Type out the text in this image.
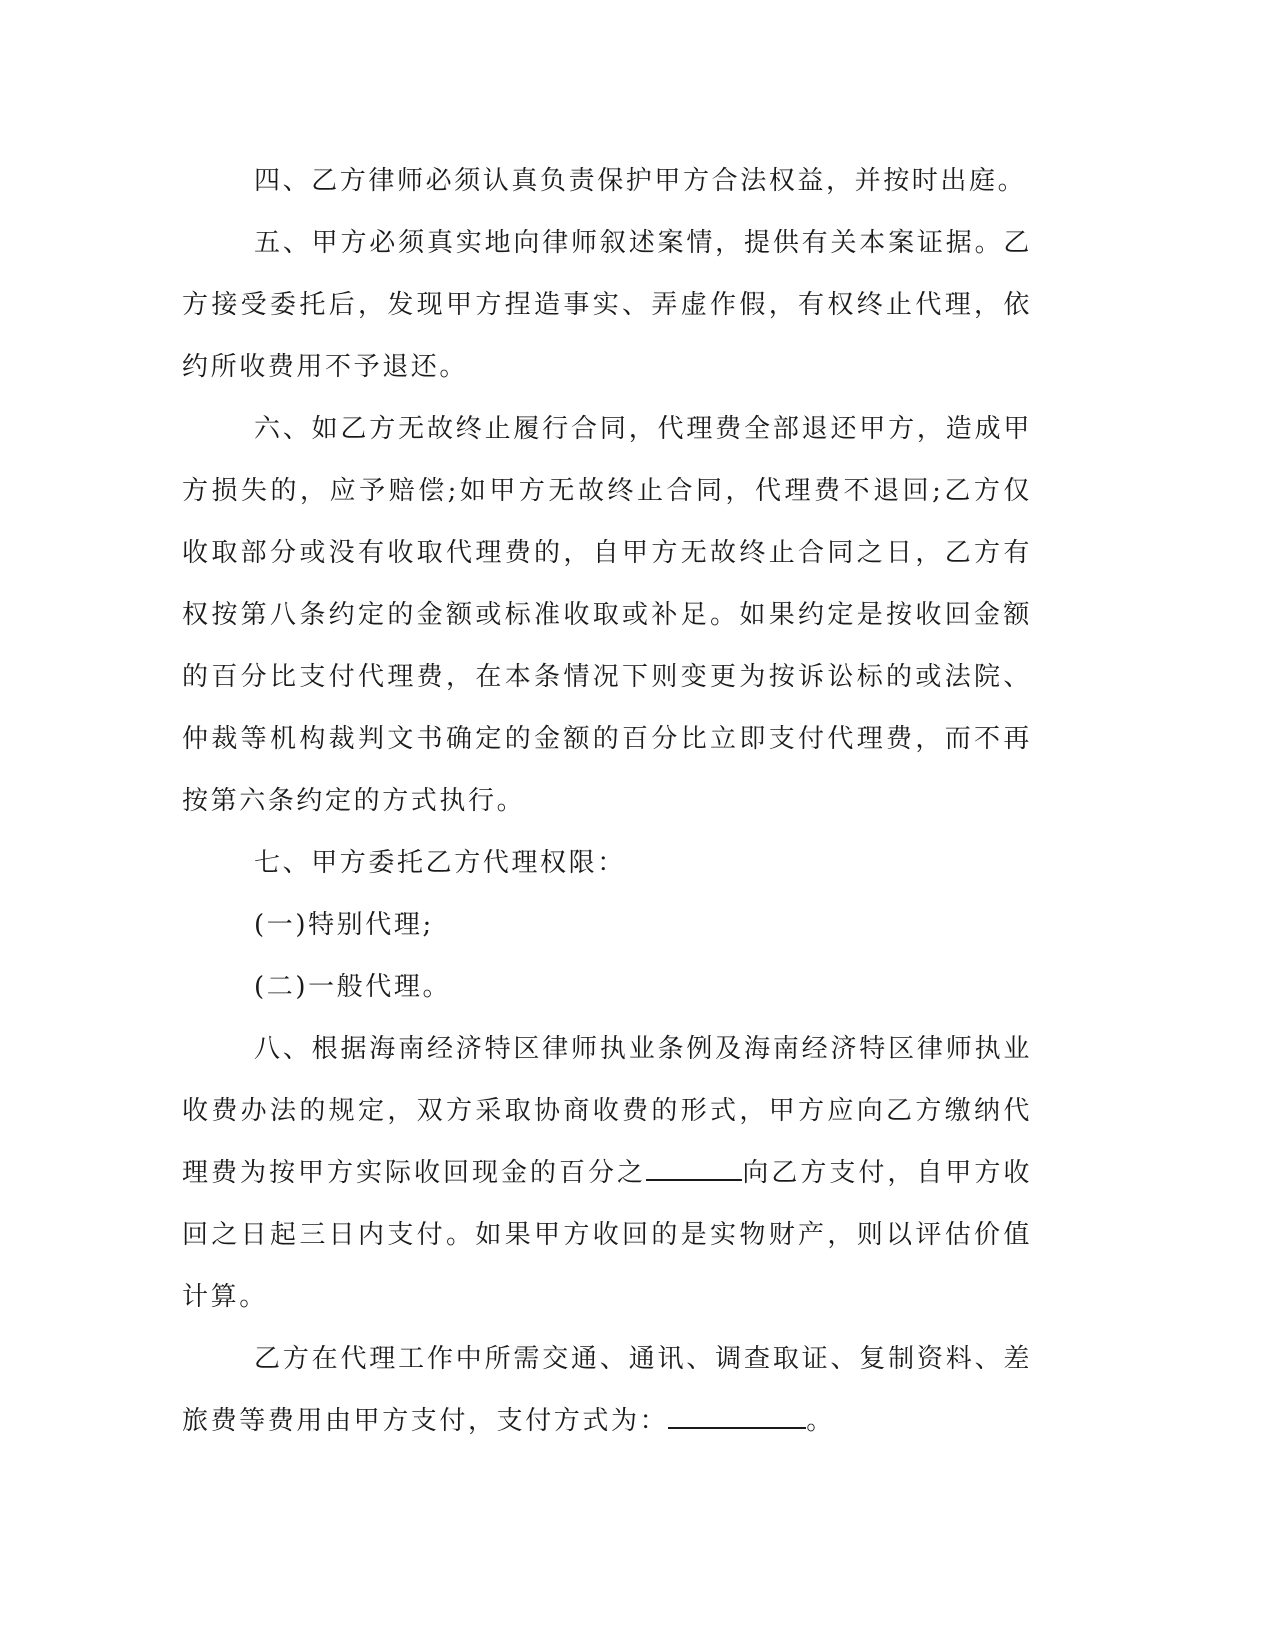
四、乙方律师必须认真负责保护甲方合法权益，并按时出庭。

五、甲方必须真实地向律师叙述案情，提供有关本案证据。乙方接受委托后，发现甲方捏造事实、弄虚作假，有权终止代理，依约所收费用不予退还。

六、如乙方无故终止履行合同，代理费全部退还甲方，造成甲方损失的，应予赔偿;如甲方无故终止合同，代理费不退回;乙方仅收取部分或没有收取代理费的，自甲方无故终止合同之日，乙方有权按第八条约定的金额或标准收取或补足。如果约定是按收回金额的百分比支付代理费，在本条情况下则变更为按诉讼标的或法院、仲裁等机构裁判文书确定的金额的百分比立即支付代理费，而不再按第六条约定的方式执行。

七、甲方委托乙方代理权限：

(一)特别代理;

(二)一般代理。

八、根据海南经济特区律师执业条例及海南经济特区律师执业收费办法的规定，双方采取协商收费的形式，甲方应向乙方缴纳代理费为按甲方实际收回现金的百分之	向乙方支付，自甲方收回之日起三日内支付。如果甲方收回的是实物财产，则以评估价值计算。

乙方在代理工作中所需交通、通讯、调查取证、复制资料、差旅费等费用由甲方支付，支付方式为：	。
